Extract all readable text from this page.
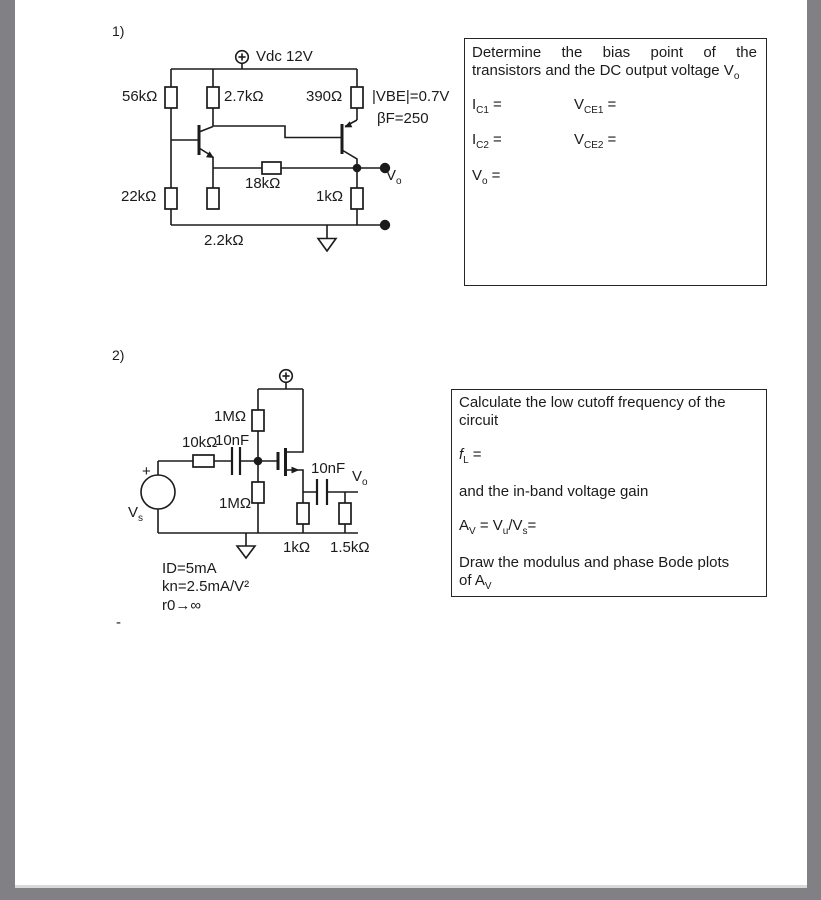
1)
Vdc 12V
56kΩ	2.7kΩ	390Ω |VBE|=0.7V
βF=250
18kΩ
22kΩ	1kΩ
2.2kΩ
$V_o$
Determine the bias point of the
transistors and the DC output voltage $V_o$
$I_{C1}$ =	$V_{CE1}$ =
$I_{C2}$ =	$V_{CE2}$ =
$V_o$ =
2)
1MΩ
10kΩ
10nF
1MΩ
+
$V_s$
10nF $V_o$
1kΩ 1.5kΩ
ID=5mA
kn=2.5mA/V²
r0→∞
-
Calculate the low cutoff frequency of the
circuit
$f_L$ =
and the in-band voltage gain
$A_V = V_u/V_s=$
Draw the modulus and phase Bode plots
of $A_V$
